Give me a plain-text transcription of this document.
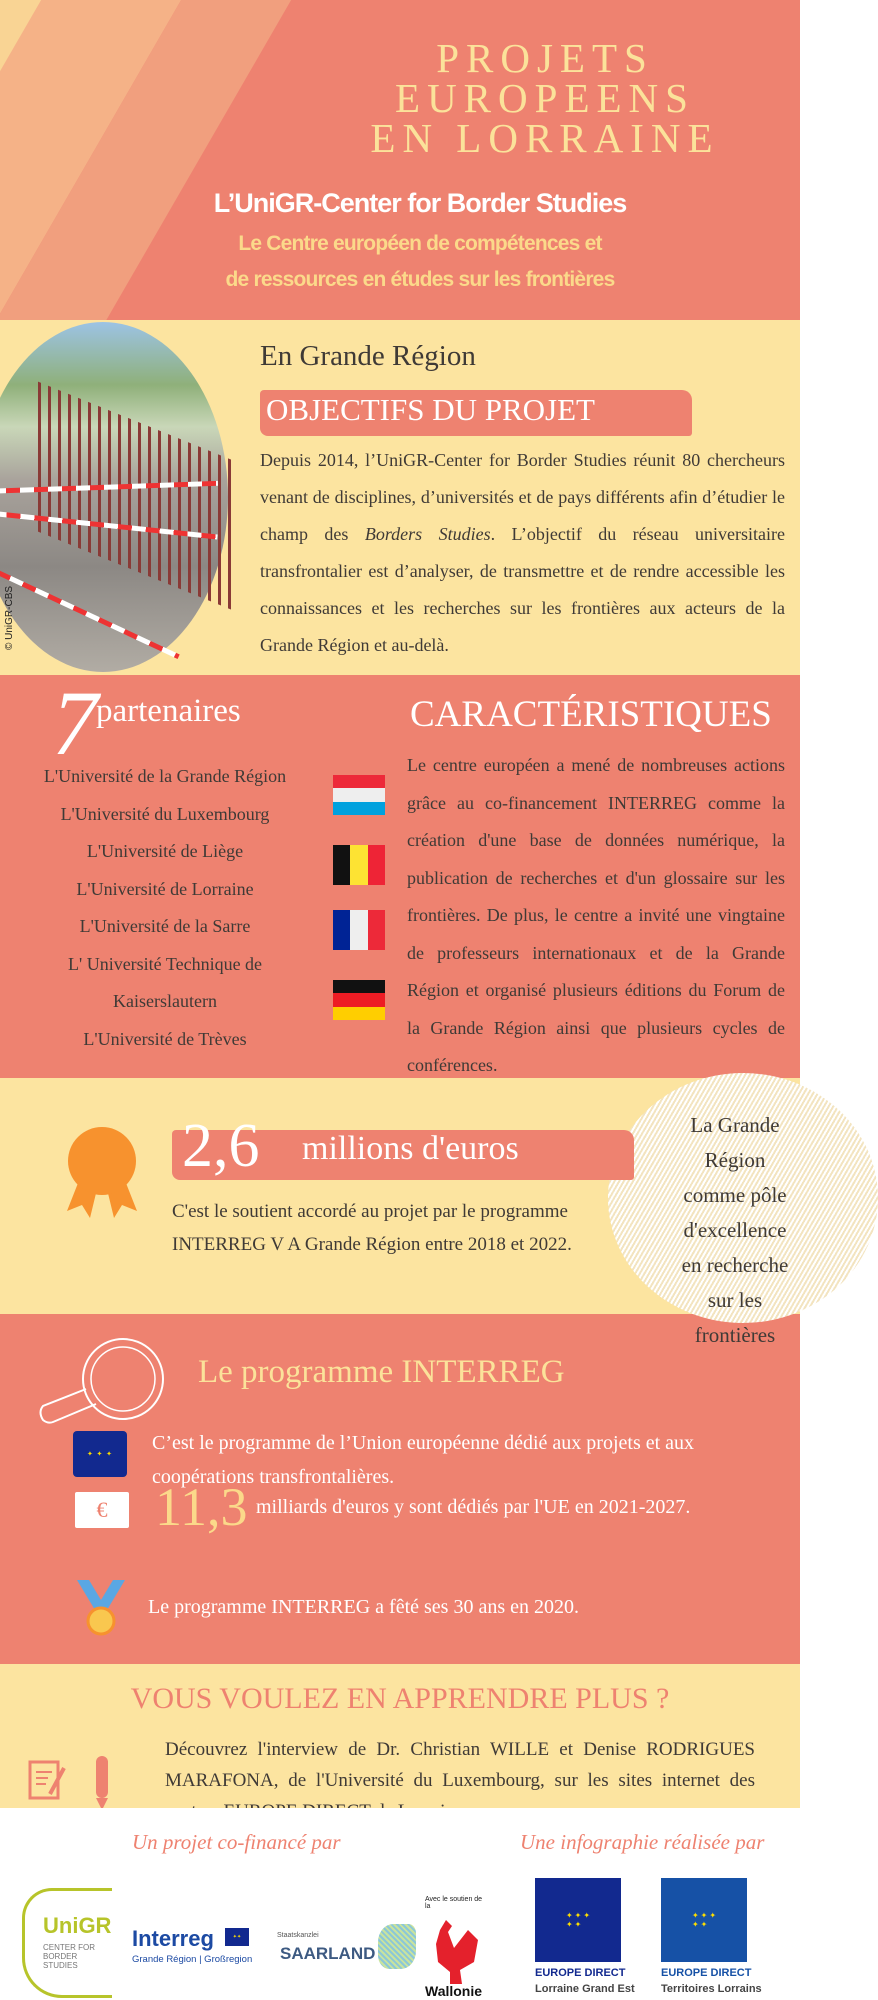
PROJETS
EUROPEENS
EN LORRAINE
L’UniGR-Center for Border Studies
Le Centre européen de compétences et
de ressources en études sur les frontières
© UniGR-CBS
En Grande Région
OBJECTIFS DU PROJET
Depuis 2014, l’UniGR-Center for Border Studies réunit 80 chercheurs venant de disciplines, d’universités et de pays différents afin d’étudier le champ des Borders Studies. L’objectif du réseau universitaire transfrontalier est d’analyser, de transmettre et de rendre accessible les connaissances et les recherches sur les frontières aux acteurs de la Grande Région et au-delà.
7
partenaires
L'Université de la Grande Région
L'Université du Luxembourg
L'Université de Liège
L'Université de Lorraine
L'Université de la Sarre
L' Université Technique de
Kaiserslautern
L'Université de Trèves
CARACTÉRISTIQUES
Le centre européen a mené de nombreuses actions grâce au co-financement INTERREG comme la création d'une base de données numérique, la publication de recherches et d'un glossaire sur les frontières. De plus, le centre a invité une vingtaine de professeurs internationaux et de la Grande Région et organisé plusieurs éditions du Forum de la Grande Région ainsi que plusieurs cycles de conférences.
La Grande
Région
comme pôle
d'excellence
en recherche
sur les
frontières
2,6 millions d'euros
C'est le soutient accordé au projet par le programme INTERREG V A Grande Région entre 2018 et 2022.
Le programme INTERREG
✦ ✦ ✦	C’est le programme de l’Union européenne dédié aux projets et aux coopérations transfrontalières.
€ 11,3 milliards d'euros y sont dédiés par l'UE en 2021-2027.
Le programme INTERREG a fêté ses 30 ans en 2020.
VOUS VOULEZ EN APPRENDRE PLUS ?
Découvrez l'interview de Dr. Christian WILLE et Denise RODRIGUES MARAFONA, de l'Université du Luxembourg, sur les sites internet des
Un projet co-financé par	Une infographie réalisée par
UniGR
CENTER FOR BORDER STUDIES
Interreg	✦✦
Grande Région | Großregion
Staatskanzlei
SAARLAND
Avec le soutien de la
Wallonie
✦ ✦ ✦
✦ ✦
EUROPE DIRECT
Lorraine Grand Est
✦ ✦ ✦
✦ ✦
EUROPE DIRECT
Territoires Lorrains
